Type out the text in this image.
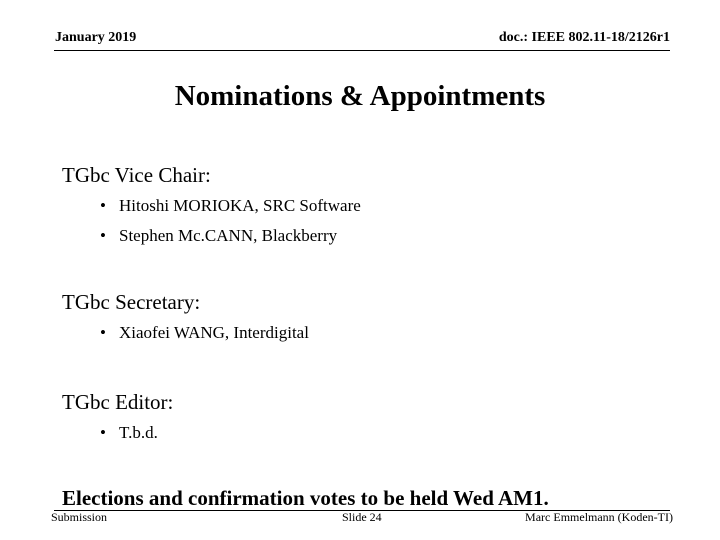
January 2019	doc.: IEEE 802.11-18/2126r1
Nominations & Appointments
TGbc Vice Chair:
• Hitoshi MORIOKA, SRC Software
• Stephen Mc.CANN, Blackberry
TGbc Secretary:
• Xiaofei WANG, Interdigital
TGbc Editor:
• T.b.d.
Elections and confirmation votes to be held Wed AM1.
Submission	Slide 24	Marc Emmelmann (Koden-TI)
